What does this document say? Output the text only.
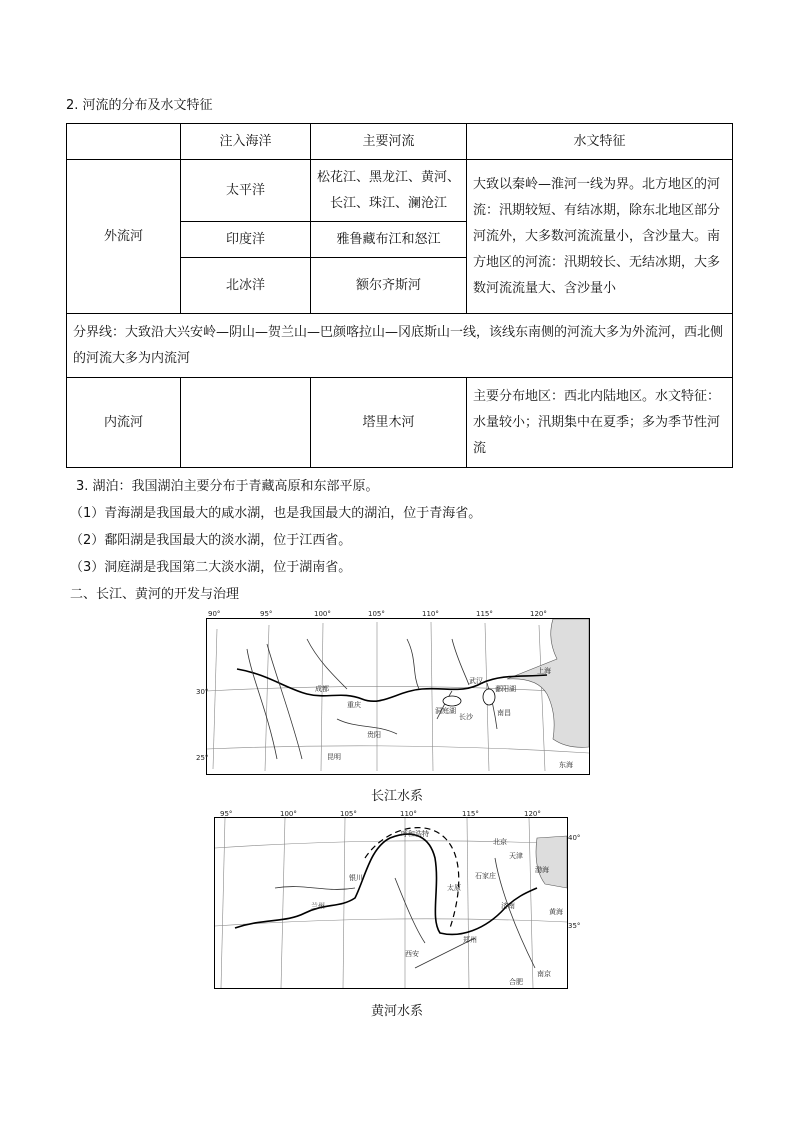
2. 河流的分布及水文特征
	注入海洋	主要河流	水文特征
外流河	太平洋	松花江、黑龙江、黄河、长江、珠江、澜沧江	大致以秦岭—淮河一线为界。北方地区的河流：汛期较短、有结冰期，除东北地区部分河流外，大多数河流流量小，含沙量大。南方地区的河流：汛期较长、无结冰期，大多数河流流量大、含沙量小
	印度洋	雅鲁藏布江和怒江	
	北冰洋	额尔齐斯河	
分界线：大致沿大兴安岭—阴山—贺兰山—巴颜喀拉山—冈底斯山一线，该线东南侧的河流大多为外流河，西北侧的河流大多为内流河			
内流河		塔里木河	主要分布地区：西北内陆地区。水文特征：水量较小；汛期集中在夏季；多为季节性河流
3. 湖泊：我国湖泊主要分布于青藏高原和东部平原。
（1）青海湖是我国最大的咸水湖，也是我国最大的湖泊，位于青海省。
（2）鄱阳湖是我国最大的淡水湖，位于江西省。
（3）洞庭湖是我国第二大淡水湖，位于湖南省。
二、长江、黄河的开发与治理
成都
重庆
武汉
长沙	南昌
昆明
贵阳
上海
洞庭湖
鄱阳湖
东海
90°	95°	100°	105°	110°	115°	120°
30°
25°
长江水系
北京
天津
呼和浩特
银川
兰州
太原
石家庄
济南
郑州
西安
合肥
南京
渤海
黄海
95°	100°	105°	110°	115°	120°
40°
35°
黄河水系
